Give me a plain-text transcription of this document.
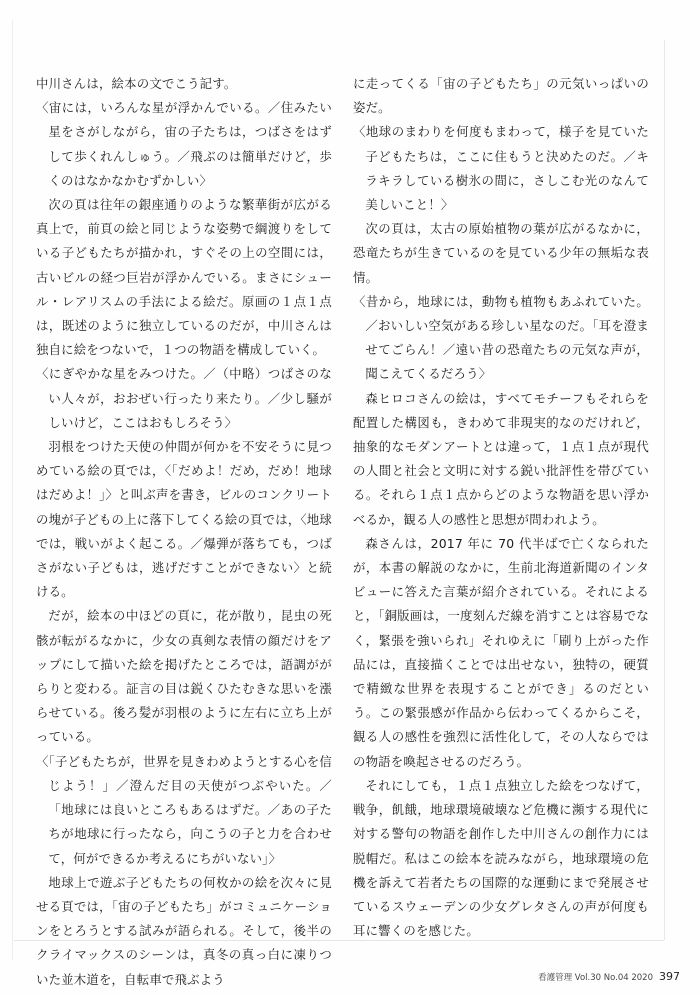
中川さんは，絵本の文でこう記す。

〈宙には，いろんな星が浮かんでいる。／住みたい星をさがしながら，宙の子たちは，つばさをはずして歩くれんしゅう。／飛ぶのは簡単だけど，歩くのはなかなかむずかしい〉

次の頁は往年の銀座通りのような繁華街が広がる真上で，前頁の絵と同じような姿勢で綱渡りをしている子どもたちが描かれ，すぐその上の空間には，古いビルの経つ巨岩が浮かんでいる。まさにシュール・レアリスムの手法による絵だ。原画の１点１点は，既述のように独立しているのだが，中川さんは独自に絵をつないで，１つの物語を構成していく。

〈にぎやかな星をみつけた。／（中略）つばさのない人々が，おおぜい行ったり来たり。／少し騒がしいけど，ここはおもしろそう〉

羽根をつけた天使の仲間が何かを不安そうに見つめている絵の頁では，〈「だめよ！だめ，だめ！地球はだめよ！」〉と叫ぶ声を書き，ビルのコンクリートの塊が子どもの上に落下してくる絵の頁では，〈地球では，戦いがよく起こる。／爆弾が落ちても，つばさがない子どもは，逃げだすことができない〉と続ける。

だが，絵本の中ほどの頁に，花が散り，昆虫の死骸が転がるなかに，少女の真剣な表情の顔だけをアップにして描いた絵を掲げたところでは，語調ががらりと変わる。証言の目は鋭くひたむきな思いを漲らせている。後ろ髪が羽根のように左右に立ち上がっている。

〈「子どもたちが，世界を見きわめようとする心を信じよう！」／澄んだ目の天使がつぶやいた。／「地球には良いところもあるはずだ。／あの子たちが地球に行ったなら，向こうの子と力を合わせて，何ができるか考えるにちがいない」〉

地球上で遊ぶ子どもたちの何枚かの絵を次々に見せる頁では，「宙の子どもたち」がコミュニケーションをとろうとする試みが語られる。そして，後半のクライマックスのシーンは，真冬の真っ白に凍りついた並木道を，自転車で飛ぶよう

に走ってくる「宙の子どもたち」の元気いっぱいの姿だ。

〈地球のまわりを何度もまわって，様子を見ていた子どもたちは，ここに住もうと決めたのだ。／キラキラしている樹氷の間に，さしこむ光のなんて美しいこと！〉

次の頁は，太古の原始植物の葉が広がるなかに，恐竜たちが生きているのを見ている少年の無垢な表情。

〈昔から，地球には，動物も植物もあふれていた。／おいしい空気がある珍しい星なのだ。「耳を澄ませてごらん！／遠い昔の恐竜たちの元気な声が，聞こえてくるだろう〉

森ヒロコさんの絵は，すべてモチーフもそれらを配置した構図も，きわめて非現実的なのだけれど，抽象的なモダンアートとは違って，１点１点が現代の人間と社会と文明に対する鋭い批評性を帯びている。それら１点１点からどのような物語を思い浮かべるか，観る人の感性と思想が問われよう。

森さんは，2017 年に 70 代半ばで亡くなられたが，本書の解説のなかに，生前北海道新聞のインタビューに答えた言葉が紹介されている。それによると，「銅版画は，一度刻んだ線を消すことは容易でなく，緊張を強いられ」それゆえに「刷り上がった作品には，直接描くことでは出せない，独特の，硬質で精緻な世界を表現することができ」るのだという。この緊張感が作品から伝わってくるからこそ，観る人の感性を強烈に活性化して，その人ならではの物語を喚起させるのだろう。

それにしても，１点１点独立した絵をつなげて，戦争，飢餓，地球環境破壊など危機に瀕する現代に対する警句の物語を創作した中川さんの創作力には脱帽だ。私はこの絵本を読みながら，地球環境の危機を訴えて若者たちの国際的な運動にまで発展させているスウェーデンの少女グレタさんの声が何度も耳に響くのを感じた。

看護管理 Vol.30 No.04 2020 397
